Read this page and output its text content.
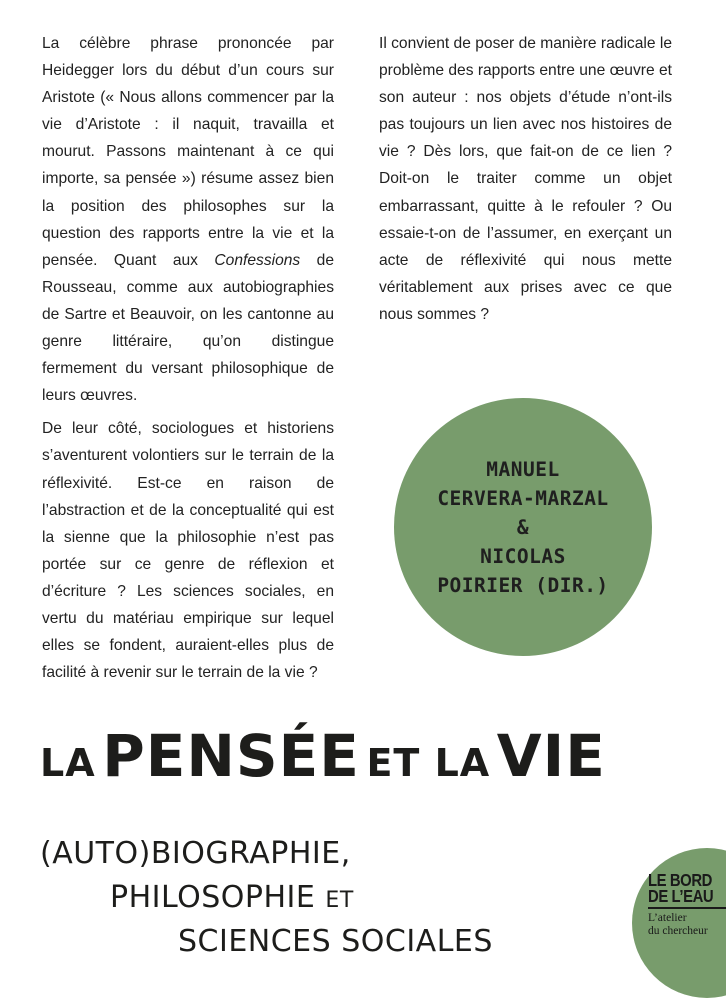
La célèbre phrase prononcée par Heidegger lors du début d’un cours sur Aristote (« Nous allons commencer par la vie d’Aristote : il naquit, travailla et mourut. Passons maintenant à ce qui importe, sa pensée ») résume assez bien la position des philosophes sur la question des rapports entre la vie et la pensée. Quant aux Confessions de Rousseau, comme aux autobiographies de Sartre et Beauvoir, on les cantonne au genre littéraire, qu’on distingue fermement du versant philosophique de leurs œuvres.

De leur côté, sociologues et historiens s’aventurent volontiers sur le terrain de la réflexivité. Est-ce en raison de l’abstraction et de la conceptualité qui est la sienne que la philosophie n’est pas portée sur ce genre de réflexion et d’écriture ? Les sciences sociales, en vertu du matériau empirique sur lequel elles se fondent, auraient-elles plus de facilité à revenir sur le terrain de la vie ?

Il convient de poser de manière radicale le problème des rapports entre une œuvre et son auteur : nos objets d’étude n’ont-ils pas toujours un lien avec nos histoires de vie ? Dès lors, que fait-on de ce lien ? Doit-on le traiter comme un objet embarrassant, quitte à le refouler ? Ou essaie-t-on de l’assumer, en exerçant un acte de réflexivité qui nous mette véritablement aux prises avec ce que nous sommes ?

MANUEL
CERVERA-MARZAL
&
NICOLAS
POIRIER (DIR.)
LA PENSÉE ET LA VIE
(AUTO)BIOGRAPHIE,
PHILOSOPHIE ET
SCIENCES SOCIALES
LE BORD
DE L’EAU
L’atelier
du chercheur
